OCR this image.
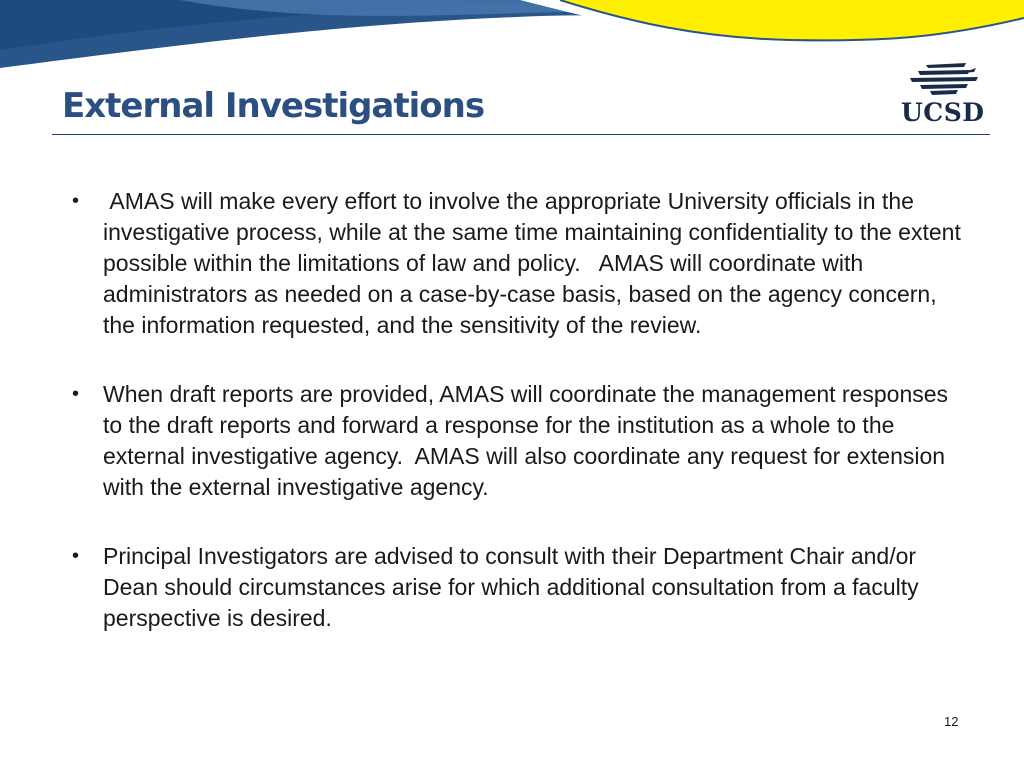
External Investigations	UCSD
• AMAS will make every effort to involve the appropriate University officials in the investigative process, while at the same time maintaining confidentiality to the extent possible within the limitations of law and policy.   AMAS will coordinate with administrators as needed on a case-by-case basis, based on the agency concern, the information requested, and the sensitivity of the review.
• When draft reports are provided, AMAS will coordinate the management responses to the draft reports and forward a response for the institution as a whole to the external investigative agency.  AMAS will also coordinate any request for extension with the external investigative agency.
• Principal Investigators are advised to consult with their Department Chair and/or Dean should circumstances arise for which additional consultation from a faculty perspective is desired.
12
